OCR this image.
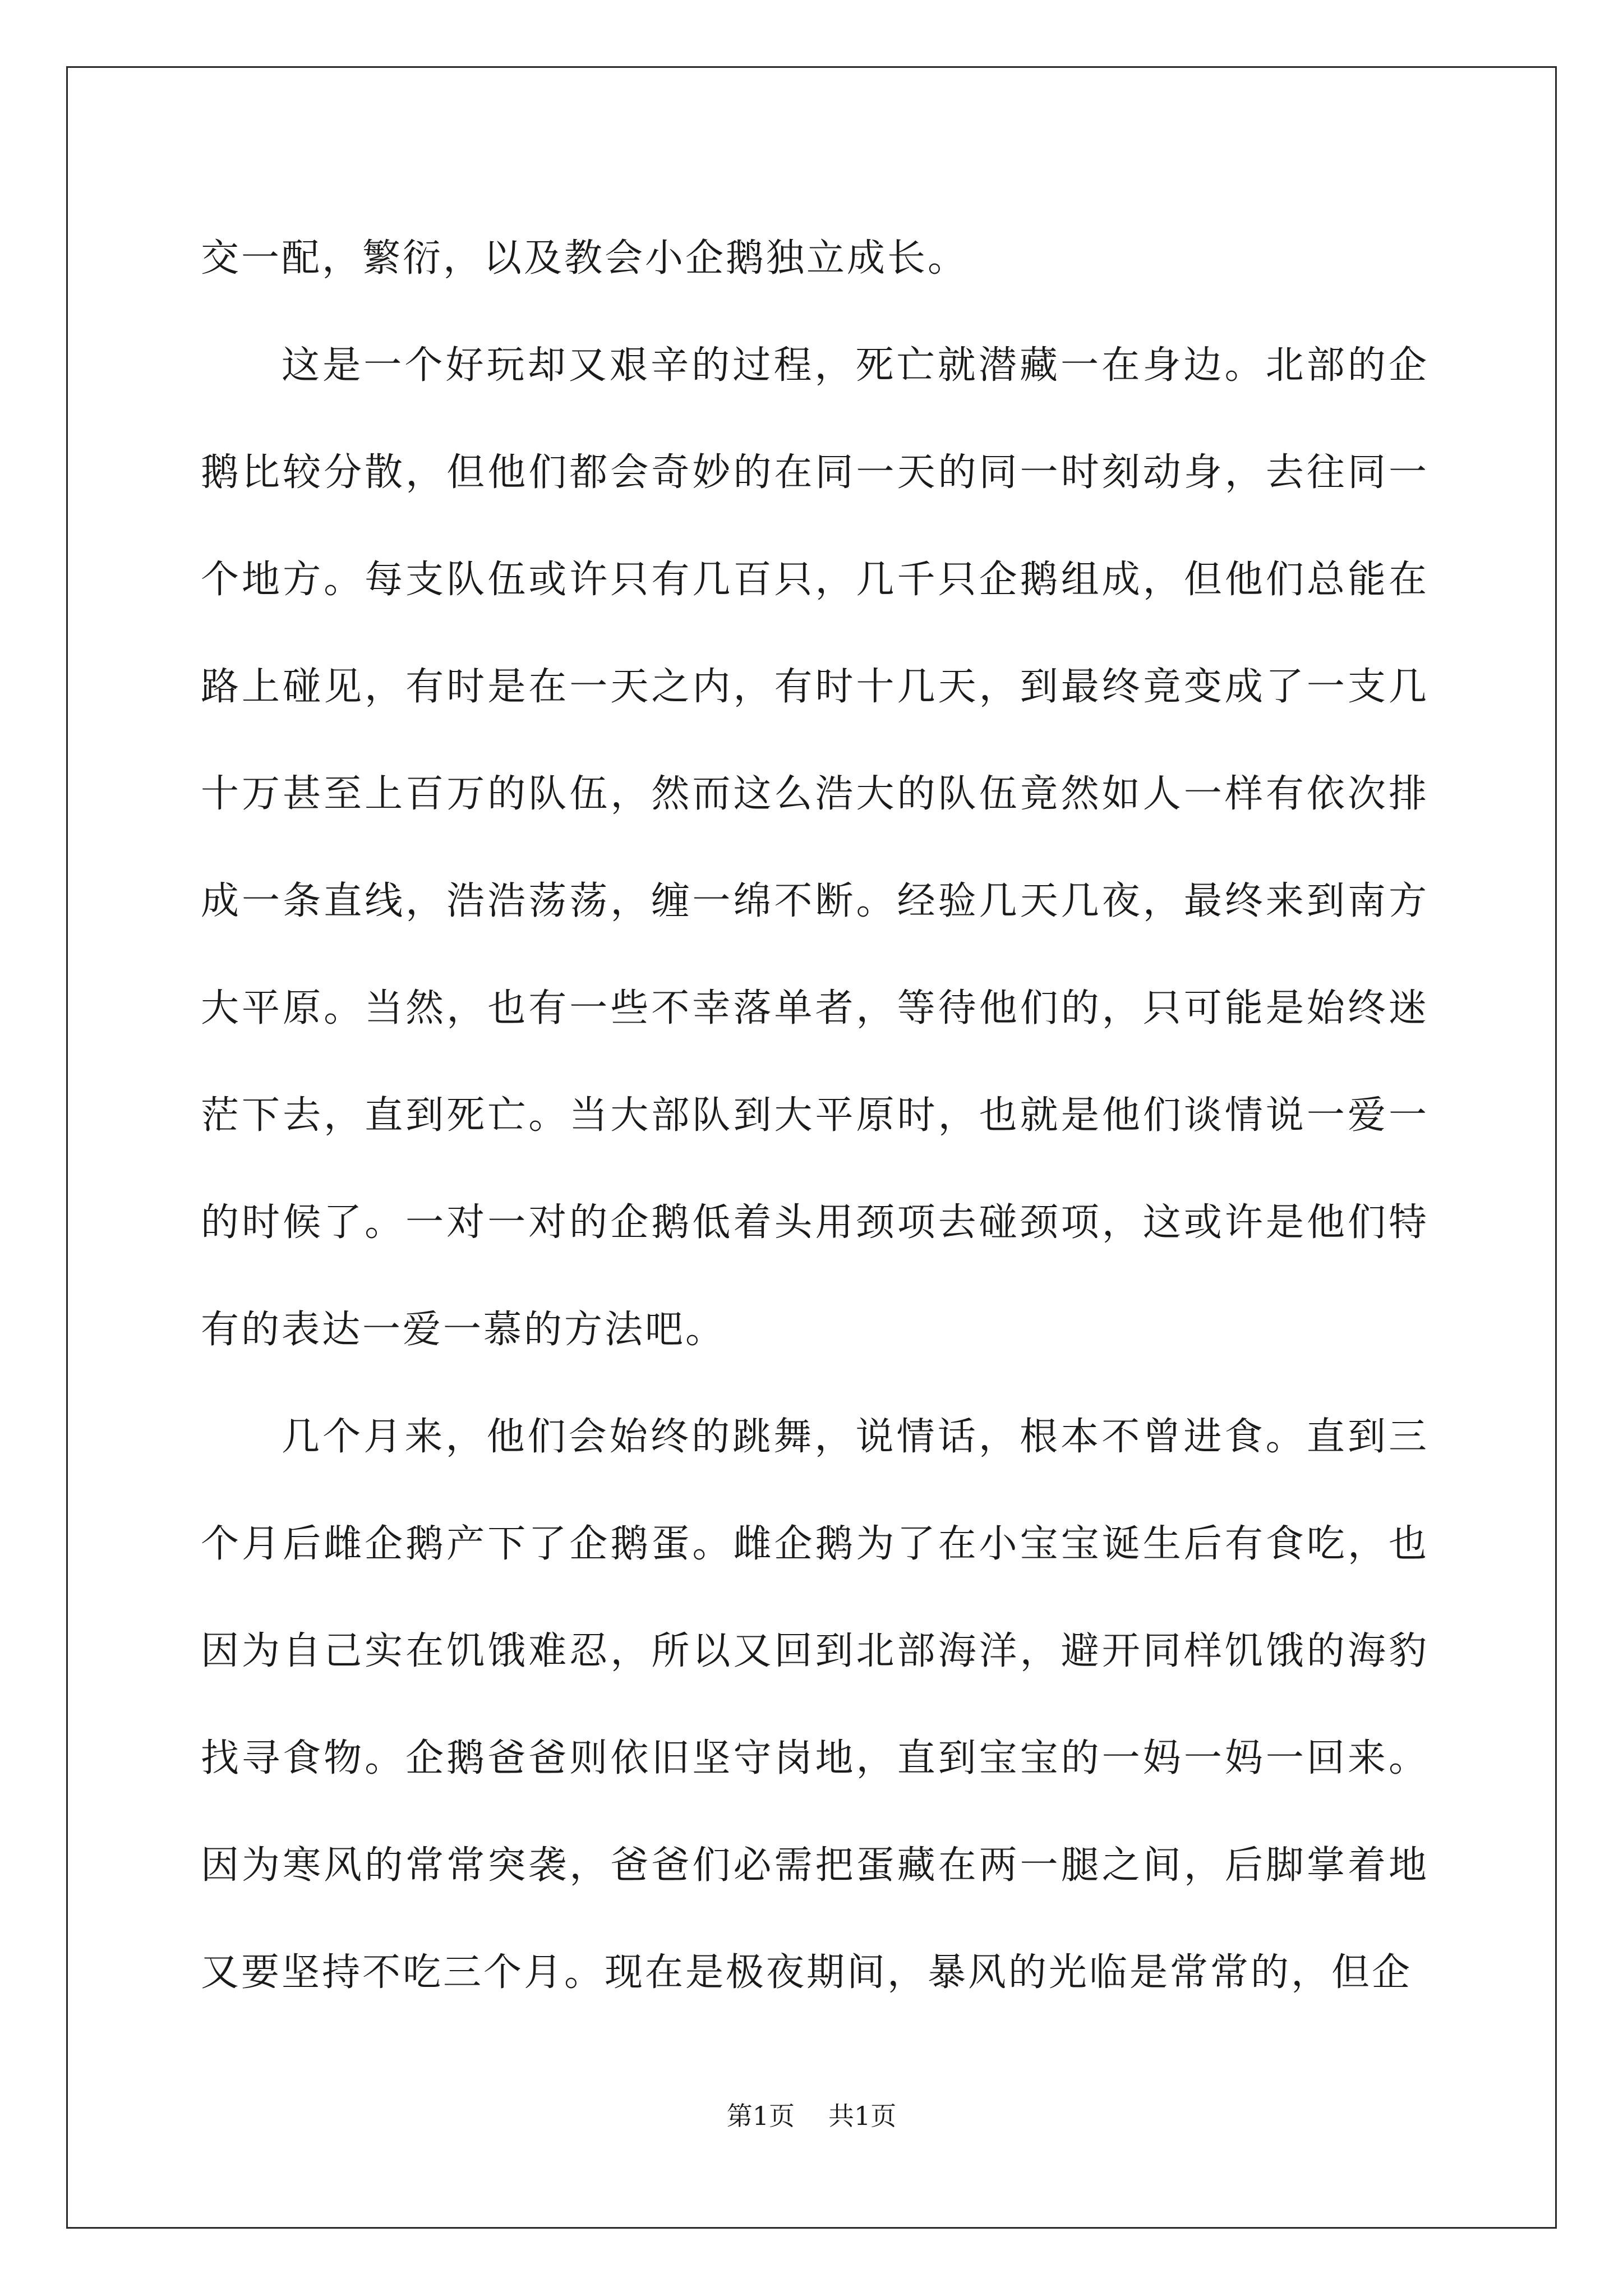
交一配，繁衍，以及教会小企鹅独立成长。

这是一个好玩却又艰辛的过程，死亡就潜藏一在身边。北部的企鹅比较分散，但他们都会奇妙的在同一天的同一时刻动身，去往同一个地方。每支队伍或许只有几百只，几千只企鹅组成，但他们总能在路上碰见，有时是在一天之内，有时十几天，到最终竟变成了一支几十万甚至上百万的队伍，然而这么浩大的队伍竟然如人一样有依次排成一条直线，浩浩荡荡，缠一绵不断。经验几天几夜，最终来到南方大平原。当然，也有一些不幸落单者，等待他们的，只可能是始终迷茫下去，直到死亡。当大部队到大平原时，也就是他们谈情说一爱一的时候了。一对一对的企鹅低着头用颈项去碰颈项，这或许是他们特有的表达一爱一慕的方法吧。

几个月来，他们会始终的跳舞，说情话，根本不曾进食。直到三个月后雌企鹅产下了企鹅蛋。雌企鹅为了在小宝宝诞生后有食吃，也因为自己实在饥饿难忍，所以又回到北部海洋，避开同样饥饿的海豹找寻食物。企鹅爸爸则依旧坚守岗地，直到宝宝的一妈一妈一回来。因为寒风的常常突袭，爸爸们必需把蛋藏在两一腿之间，后脚掌着地又要坚持不吃三个月。现在是极夜期间，暴风的光临是常常的，但企

第1页 共1页
